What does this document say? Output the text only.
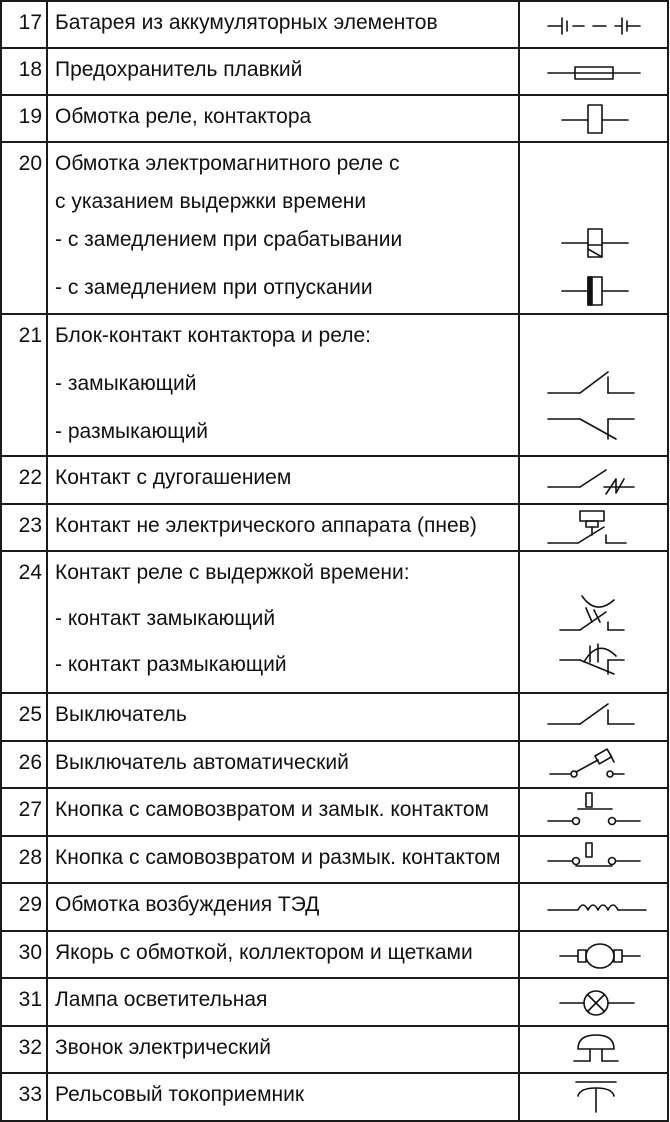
17	Батарея из аккумуляторных элементов

18	Предохранитель плавкий

19	Обмотка реле, контактора

20	Обмотка электромагнитного реле с
с указанием выдержки времени
- с замедлением при срабатывании
- с замедлением при отпускании

21	Блок-контакт контактора и реле:
- замыкающий
- размыкающий

22	Контакт с дугогашением

23	Контакт не электрического аппарата (пнев)

24	Контакт реле с выдержкой времени:
- контакт замыкающий
- контакт размыкающий

25	Выключатель

26	Выключатель автоматический

27	Кнопка с самовозвратом и замык. контактом

28	Кнопка с самовозвратом и размык. контактом

29	Обмотка возбуждения ТЭД

30	Якорь с обмоткой, коллектором и щетками

31	Лампа осветительная

32	Звонок электрический

33	Рельсовый токоприемник
